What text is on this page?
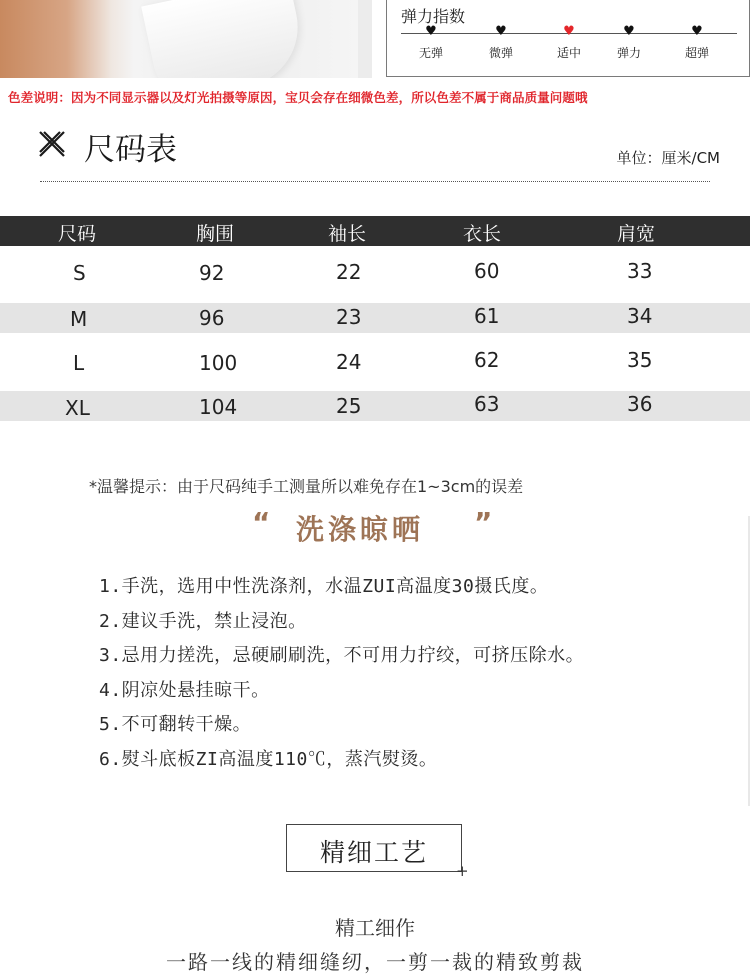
弹力指数
♥
无弹
♥
微弹
♥
适中
♥
弹力
♥
超弹
色差说明：因为不同显示器以及灯光拍摄等原因，宝贝会存在细微色差，所以色差不属于商品质量问题哦
尺码表	单位：厘米/CM
尺码	胸围	袖长	衣长	肩宽
S	92	22	60	33
M	96	23	61	34
L	100	24	62	35
XL	104	25	63	36
*温馨提示：由于尺码纯手工测量所以难免存在1~3cm的误差
“ 洗涤晾晒 ”
1.手洗，选用中性洗涤剂，水温ZUI高温度30摄氏度。
2.建议手洗，禁止浸泡。
3.忌用力搓洗，忌硬刷刷洗，不可用力拧绞，可挤压除水。
4.阴凉处悬挂晾干。
5.不可翻转干燥。
6.熨斗底板ZI高温度110℃，蒸汽熨烫。
精细工艺
+
精工细作
一路一线的精细缝纫，一剪一裁的精致剪裁
